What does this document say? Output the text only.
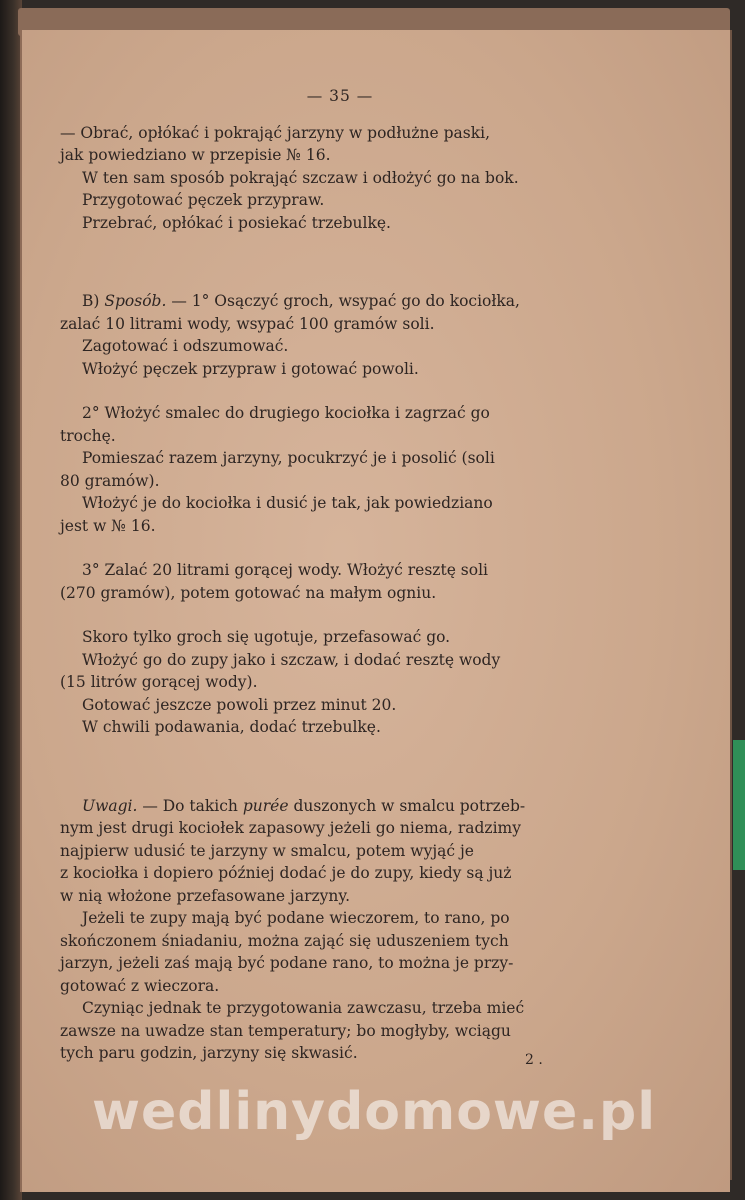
— 35 —
— Obrać, opłókać i pokrająć jarzyny w podłużne paski,
jak powiedziano w przepisie № 16.
W ten sam sposób pokrająć szczaw i odłożyć go na bok.
Przygotować pęczek przypraw.
Przebrać, opłókać i posiekać trzebulkę.
B) Sposób. — 1° Osączyć groch, wsypać go do kociołka,
zalać 10 litrami wody, wsypać 100 gramów soli.
Zagotować i odszumować.
Włożyć pęczek przypraw i gotować powoli.
2° Włożyć smalec do drugiego kociołka i zagrzać go
trochę.
Pomieszać razem jarzyny, pocukrzyć je i posolić (soli
80 gramów).
Włożyć je do kociołka i dusić je tak, jak powiedziano
jest w № 16.
3° Zalać 20 litrami gorącej wody. Włożyć resztę soli
(270 gramów), potem gotować na małym ogniu.
Skoro tylko groch się ugotuje, przefasować go.
Włożyć go do zupy jako i szczaw, i dodać resztę wody
(15 litrów gorącej wody).
Gotować jeszcze powoli przez minut 20.
W chwili podawania, dodać trzebulkę.
Uwagi. — Do takich purée duszonych w smalcu potrzeb-
nym jest drugi kociołek zapasowy jeżeli go niema, radzimy
najpierw udusić te jarzyny w smalcu, potem wyjąć je
z kociołka i dopiero później dodać je do zupy, kiedy są już
w nią włożone przefasowane jarzyny.
Jeżeli te zupy mają być podane wieczorem, to rano, po
skończonem śniadaniu, można zająć się uduszeniem tych
jarzyn, jeżeli zaś mają być podane rano, to można je przy-
gotować z wieczora.
Czyniąc jednak te przygotowania zawczasu, trzeba mieć
zawsze na uwadze stan temperatury; bo mogłyby, wciągu
tych paru godzin, jarzyny się skwasić.	2 .
wedlinydomowe.pl
